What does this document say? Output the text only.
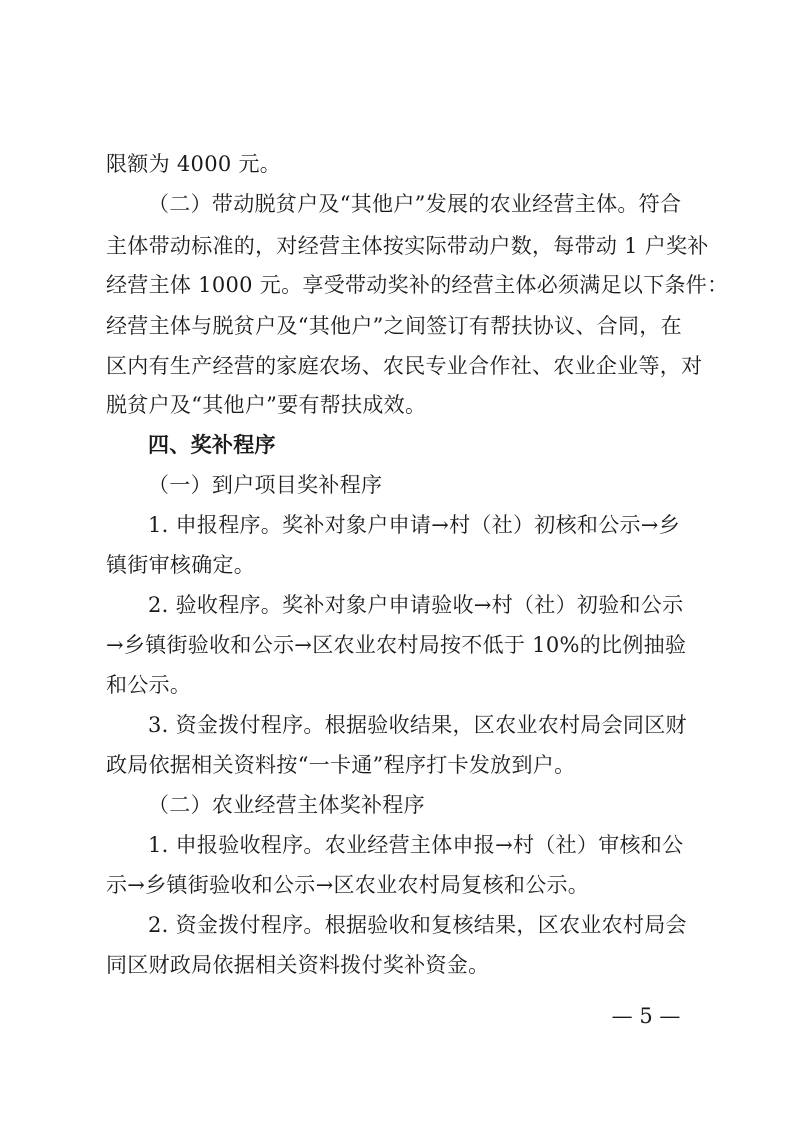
限额为 4000 元。
（二）带动脱贫户及“其他户”发展的农业经营主体。符合
主体带动标准的，对经营主体按实际带动户数，每带动 1 户奖补
经营主体 1000 元。享受带动奖补的经营主体必须满足以下条件：
经营主体与脱贫户及“其他户”之间签订有帮扶协议、合同，在
区内有生产经营的家庭农场、农民专业合作社、农业企业等，对
脱贫户及“其他户”要有帮扶成效。
四、奖补程序
（一）到户项目奖补程序
1. 申报程序。奖补对象户申请→村（社）初核和公示→乡
镇街审核确定。
2. 验收程序。奖补对象户申请验收→村（社）初验和公示
→乡镇街验收和公示→区农业农村局按不低于 10%的比例抽验
和公示。
3. 资金拨付程序。根据验收结果，区农业农村局会同区财
政局依据相关资料按“一卡通”程序打卡发放到户。
（二）农业经营主体奖补程序
1. 申报验收程序。农业经营主体申报→村（社）审核和公
示→乡镇街验收和公示→区农业农村局复核和公示。
2. 资金拨付程序。根据验收和复核结果，区农业农村局会
同区财政局依据相关资料拨付奖补资金。
— 5 —
